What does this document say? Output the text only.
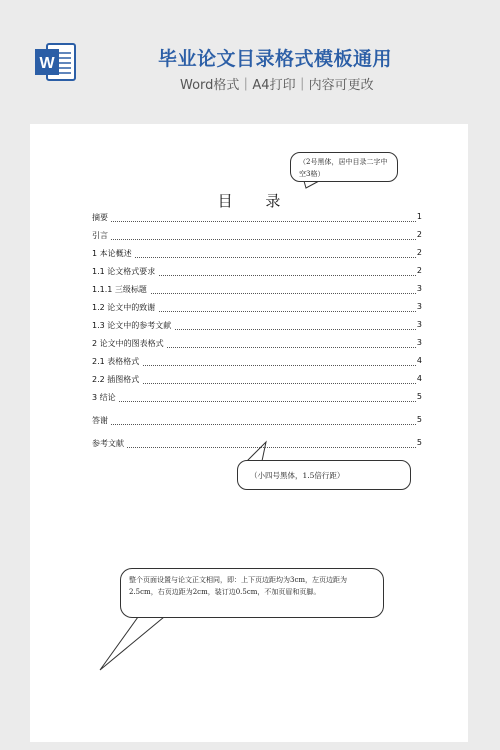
W	毕业论文目录格式模板通用
Word格式｜A4打印｜内容可更改
（2号黑体，居中目录二字中空3格）
（小四号黑体，1.5倍行距）
整个页面设置与论文正文相同，即：上下页边距均为3cm，左页边距为2.5cm，右页边距为2cm，装订边0.5cm，不加页眉和页脚。
目 录
摘要	1
引言	2
1 本论概述	2
1.1 论文格式要求	2
1.1.1 三级标题	3
1.2 论文中的致谢	3
1.3 论文中的参考文献	3
2 论文中的图表格式	3
2.1 表格格式	4
2.2 插图格式	4
3 结论	5
答谢	5
参考文献	5
